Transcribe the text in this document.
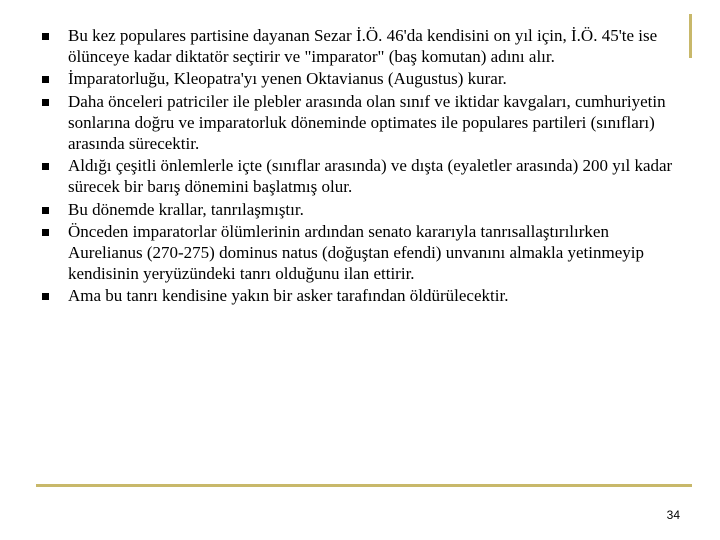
Bu kez populares partisine dayanan Sezar İ.Ö. 46'da kendisini on yıl için, İ.Ö. 45'te ise ölünceye kadar diktatör seçtirir ve "imparator" (baş komutan) adını alır.
İmparatorluğu, Kleopatra'yı yenen Oktavianus (Augustus) kurar.
Daha önceleri patriciler ile plebler arasında olan sınıf ve iktidar kavgaları, cumhuriyetin sonlarına doğru ve imparatorluk döneminde optimates ile populares partileri (sınıfları) arasında sürecektir.
Aldığı çeşitli önlemlerle içte (sınıflar arasında) ve dışta (eyaletler arasında) 200 yıl kadar sürecek bir barış dönemini başlatmış olur.
Bu dönemde krallar, tanrılaşmıştır.
Önceden imparatorlar ölümlerinin ardından senato kararıyla tanrısallaştırılırken Aurelianus (270-275) dominus natus (doğuştan efendi) unvanını almakla yetinmeyip kendisinin yeryüzündeki tanrı olduğunu ilan ettirir.
Ama bu tanrı kendisine yakın bir asker tarafından öldürülecektir.
34
